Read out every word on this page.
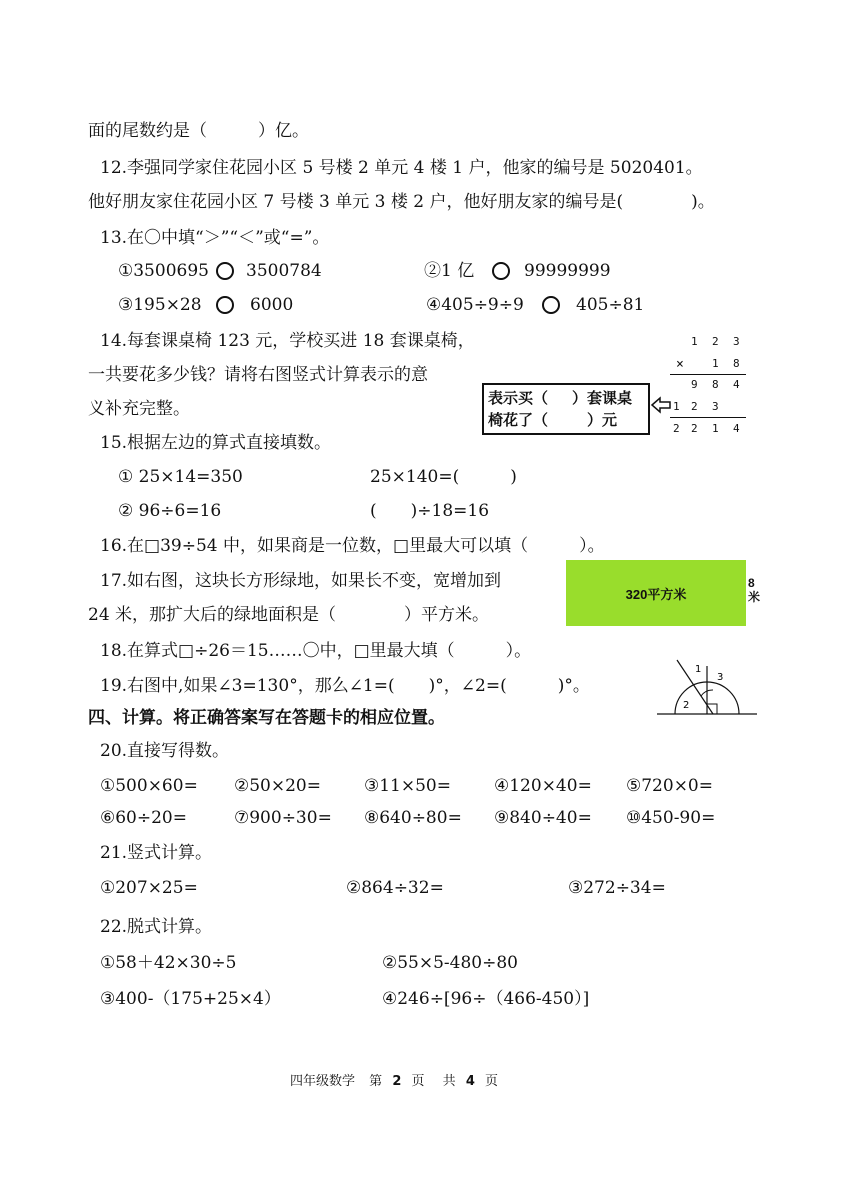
面的尾数约是（　　　）亿。
12.李强同学家住花园小区 5 号楼 2 单元 4 楼 1 户，他家的编号是 5020401。
他好朋友家住花园小区 7 号楼 3 单元 3 楼 2 户，他好朋友家的编号是(　　　　)。
13.在〇中填“＞”“＜”或“=”。
①3500695 3500784	②1 亿	99999999
③195×28	6000	④405÷9÷9	405÷81
14.每套课桌椅 123 元，学校买进 18 套课桌椅，
一共要花多少钱？请将右图竖式计算表示的意
义补充完整。
1 2 3
×	1 8
9 8 4
1 2 3
2 2 1 4
表示买（　 ）套课桌
椅花了（　　 ）元
15.根据左边的算式直接填数。
① 25×14=350	25×140=(　　　)
② 96÷6=16	(　　)÷18=16
16.在□39÷54 中，如果商是一位数，□里最大可以填（　　　）。
17.如右图，这块长方形绿地，如果长不变，宽增加到
24 米，那扩大后的绿地面积是（　　　　）平方米。
320平方米
8
米
18.在算式□÷26＝15……〇中，□里最大填（　　　）。
19.右图中,如果∠3=130°，那么∠1=(　　)°，∠2=(　　　)°。
1
2
3
四、计算。将正确答案写在答题卡的相应位置。
20.直接写得数。
①500×60= ②50×20=	③11×50=	④120×40= ⑤720×0=
⑥60÷20=	⑦900÷30= ⑧640÷80= ⑨840÷40= ⑩450-90=
21.竖式计算。
①207×25=	②864÷32=	③272÷34=
22.脱式计算。
①58＋42×30÷5	②55×5-480÷80
③400-（175+25×4）	④246÷[96÷（466-450）]
四年级数学 第 2 页 共 4 页
